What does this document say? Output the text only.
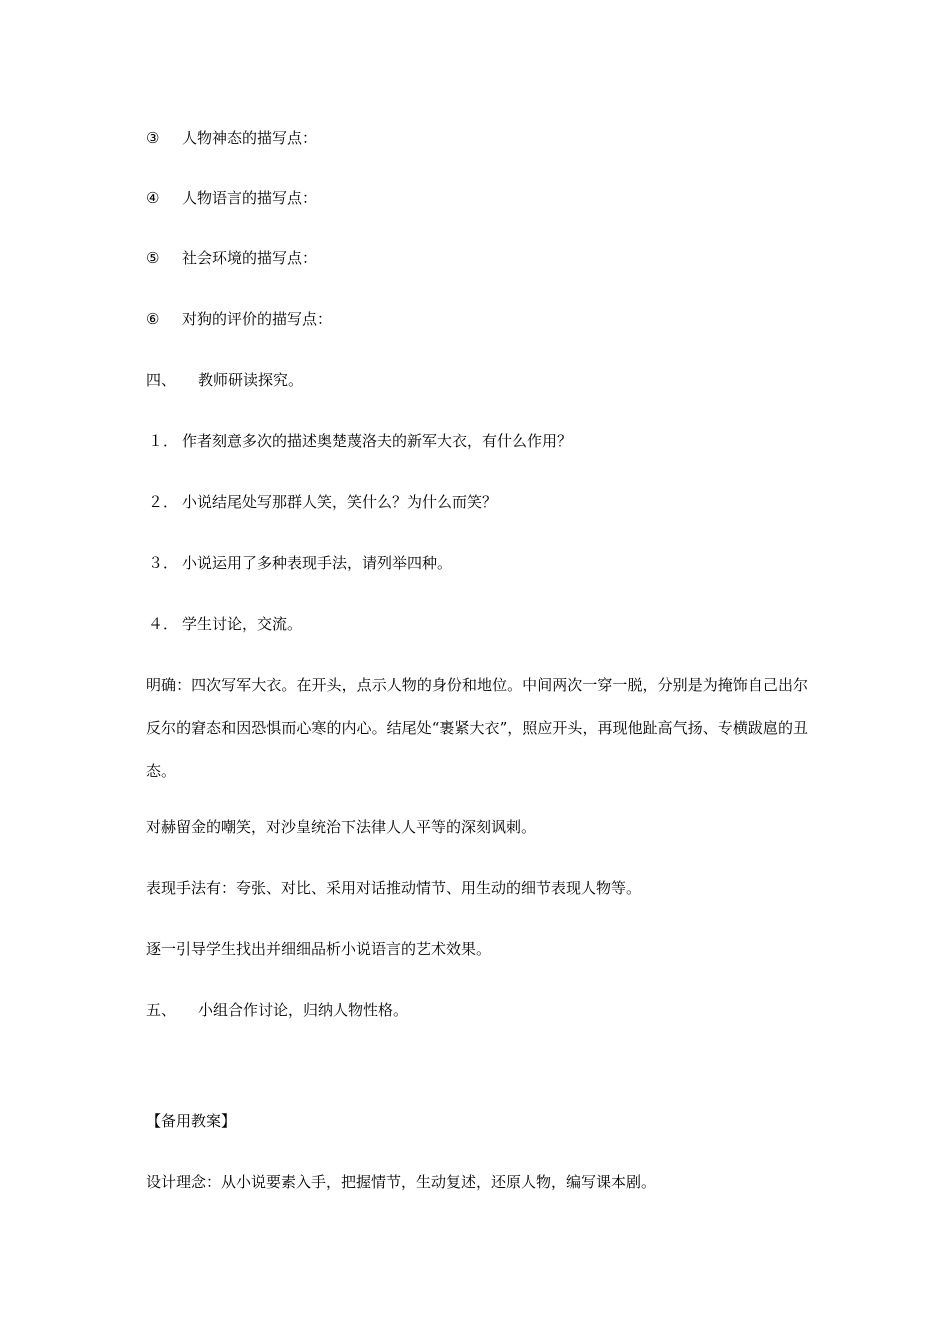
③ 人物神态的描写点：
④ 人物语言的描写点：
⑤ 社会环境的描写点：
⑥ 对狗的评价的描写点：
四、 教师研读探究。
１． 作者刻意多次的描述奥楚蔑洛夫的新军大衣，有什么作用？
２． 小说结尾处写那群人笑，笑什么？为什么而笑？
３． 小说运用了多种表现手法，请列举四种。
４． 学生讨论，交流。
明确：四次写军大衣。在开头，点示人物的身份和地位。中间两次一穿一脱，分别是为掩饰自己出尔反尔的窘态和因恐惧而心寒的内心。结尾处“裹紧大衣”，照应开头，再现他趾高气扬、专横跋扈的丑态。
对赫留金的嘲笑，对沙皇统治下法律人人平等的深刻讽刺。
表现手法有：夸张、对比、采用对话推动情节、用生动的细节表现人物等。
逐一引导学生找出并细细品析小说语言的艺术效果。
五、 小组合作讨论，归纳人物性格。
【备用教案】
设计理念：从小说要素入手，把握情节，生动复述，还原人物，编写课本剧。
